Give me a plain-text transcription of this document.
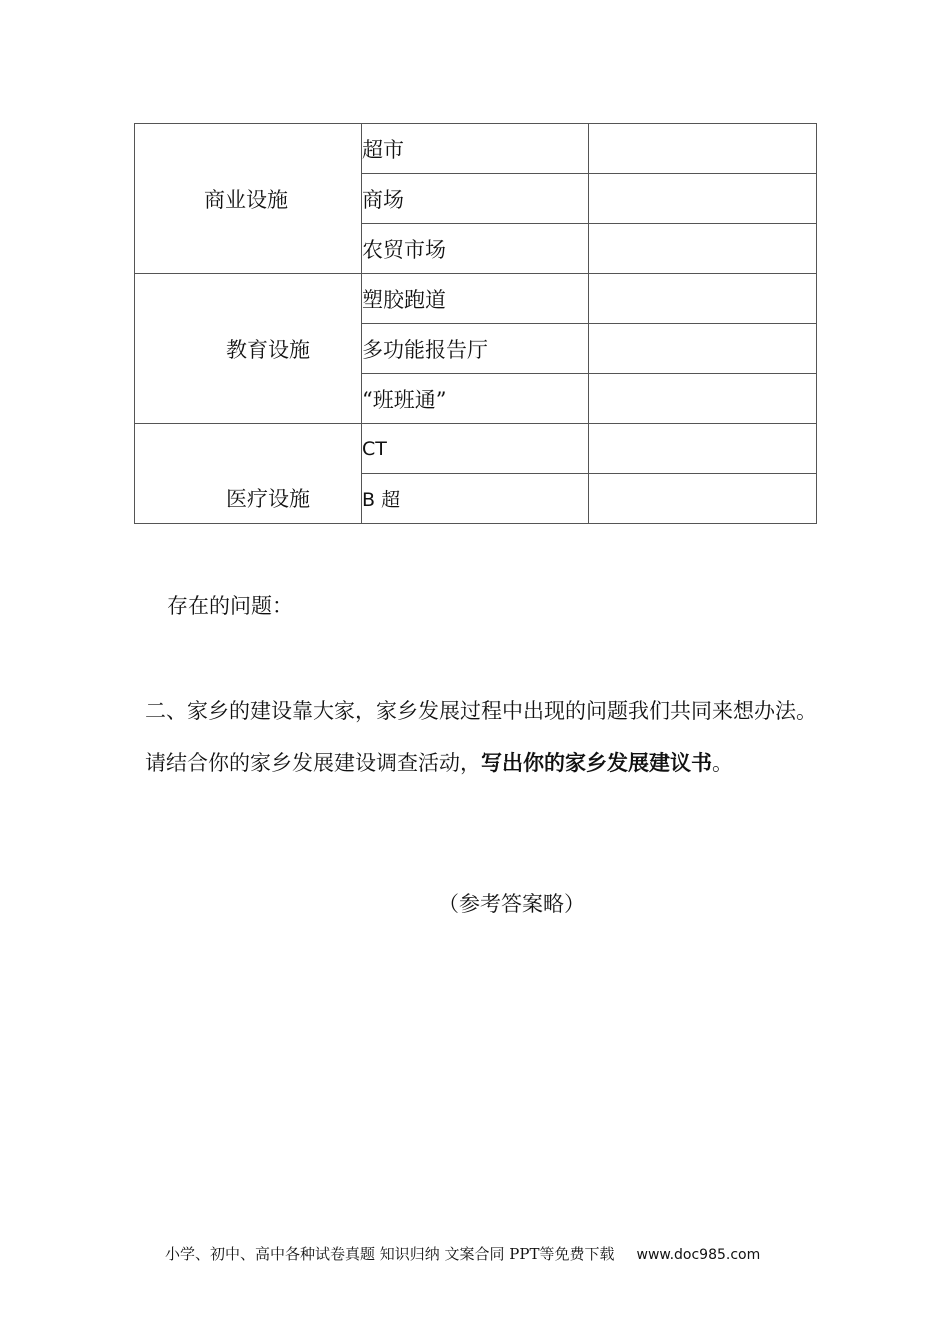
商业设施	超市	
	商场	
	农贸市场	
教育设施	塑胶跑道	
	多功能报告厅	
	“班班通”	
医疗设施	CT	
	B 超	
存在的问题：
二、家乡的建设靠大家，家乡发展过程中出现的问题我们共同来想办法。请结合你的家乡发展建设调查活动，写出你的家乡发展建议书。
（参考答案略）
小学、初中、高中各种试卷真题 知识归纳 文案合同 PPT等免费下载 www.doc985.com
